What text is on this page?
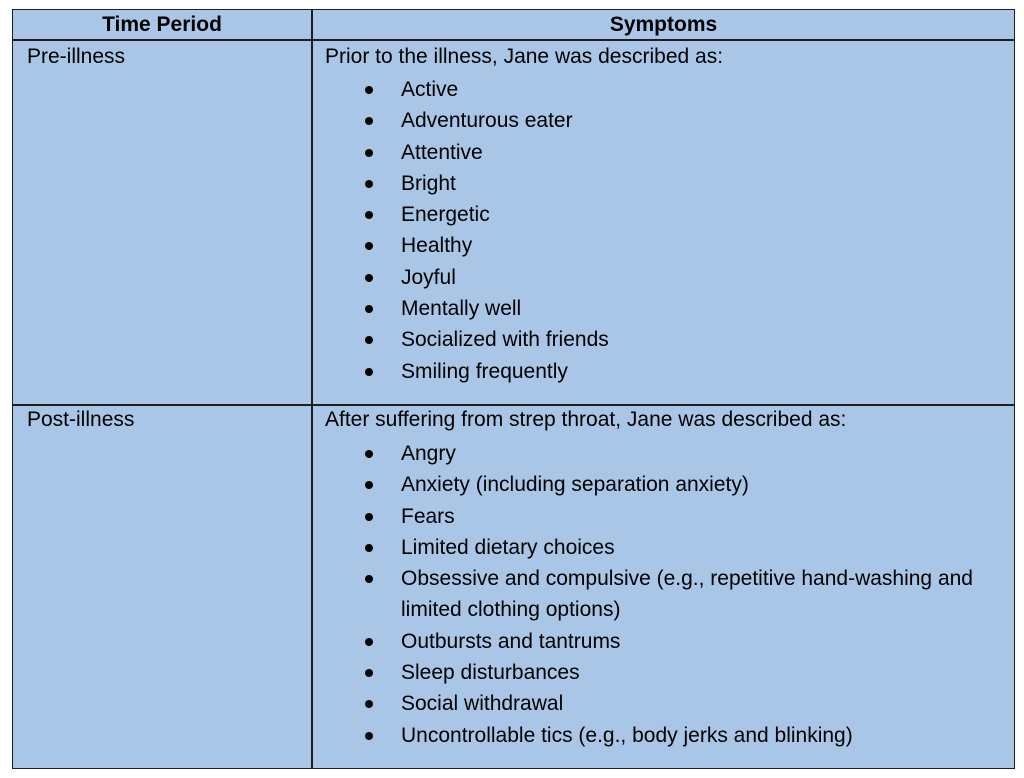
Time Period	Symptoms
Pre-illness	Prior to the illness, Jane was described as:
Active
Adventurous eater
Attentive
Bright
Energetic
Healthy
Joyful
Mentally well
Socialized with friends
Smiling frequently
Post-illness	After suffering from strep throat, Jane was described as:
Angry
Anxiety (including separation anxiety)
Fears
Limited dietary choices
Obsessive and compulsive (e.g., repetitive hand-washing and limited clothing options)
Outbursts and tantrums
Sleep disturbances
Social withdrawal
Uncontrollable tics (e.g., body jerks and blinking)
